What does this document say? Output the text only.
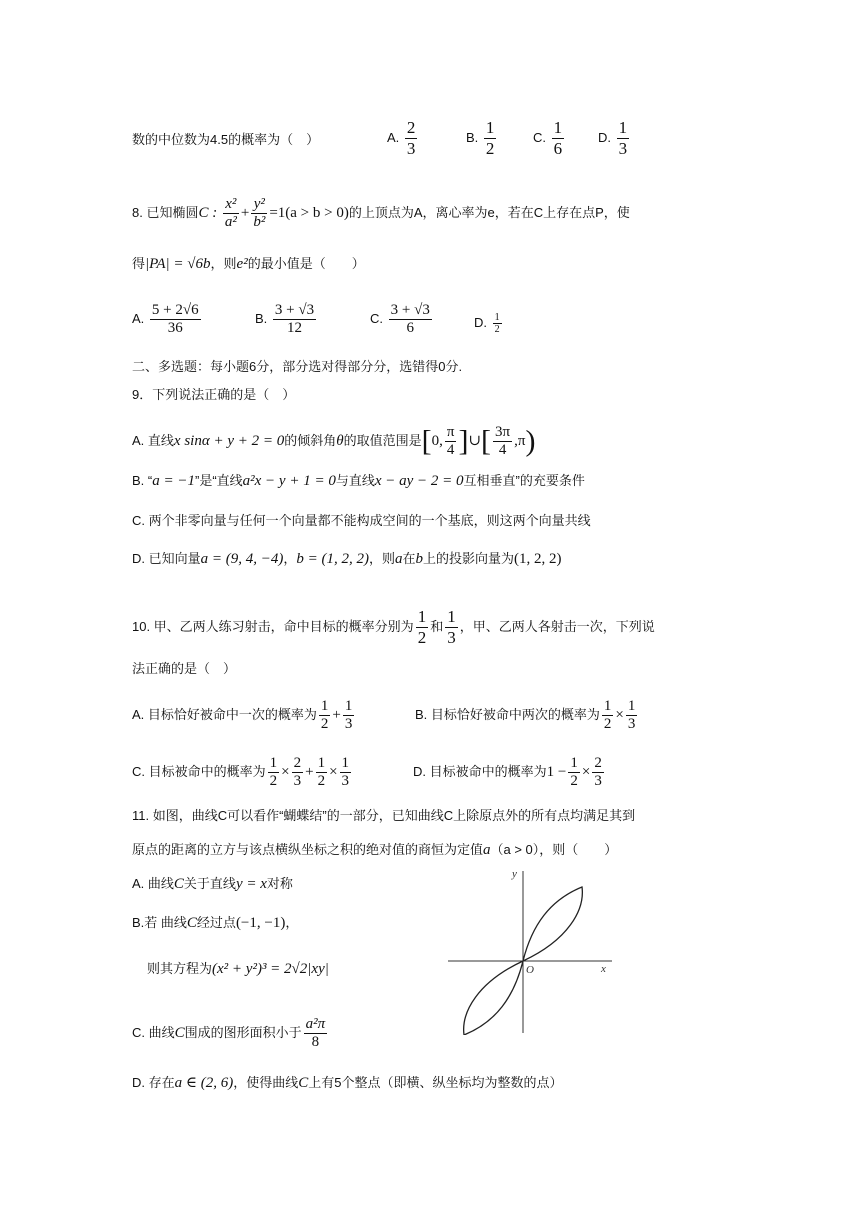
数的中位数为4.5的概率为（　）	A. $\frac{2}{3}$	B. $\frac{1}{2}$	C. $\frac{1}{6}$	D. $\frac{1}{3}$
8. 已知椭圆C : $\frac{\text{x²}}{\text{a²}} + \frac{\text{y²}}{\text{b²}} =1(a > b > 0)$的上顶点为A，离心率为e，若在C上存在点P，使
得|PA| = √6b，则e²的最小值是（　　）
A. $\frac{5 + 2√6}{36}$	B. $\frac{3 + √3}{12}$	C. $\frac{3 + √3}{6}$	D. $\frac{1}{2}$
二、多选题：每小题6分，部分选对得部分分，选错得0分.
9．下列说法正确的是（　）
A. 直线x sinα + y + 2 = 0的倾斜角θ的取值范围是[0, $\frac{\pi}{4}$ ]∪[ $\frac{3\pi}{4} ,\pi$)
B. “a = −1”是“直线a²x − y + 1 = 0与直线x − ay − 2 = 0互相垂直”的充要条件
C. 两个非零向量与任何一个向量都不能构成空间的一个基底，则这两个向量共线
D. 已知向量a = (9, 4, −4)，b = (1, 2, 2)，则a在b上的投影向量为(1, 2, 2)
10. 甲、乙两人练习射击，命中目标的概率分别为 $\frac{1}{2}$ 和 $\frac{1}{3}$ ，甲、乙两人各射击一次，下列说
法正确的是（　）
A. 目标恰好被命中一次的概率为 $\frac{1}{2} + \frac{1}{3}$	B. 目标恰好被命中两次的概率为 $\frac{1}{2} \times \frac{1}{3}$
C. 目标被命中的概率为 $\frac{1}{2} \times \frac{2}{3} + \frac{1}{2} \times \frac{1}{3}$	D. 目标被命中的概率为$1 - \frac{1}{2} \times \frac{2}{3}$
11. 如图，曲线C可以看作“蝴蝶结”的一部分，已知曲线C上除原点外的所有点均满足其到
原点的距离的立方与该点横纵坐标之积的绝对值的商恒为定值a（a > 0），则（　　）
A. 曲线C关于直线y = x对称
B.若 曲线C经过点(−1, −1)，
则其方程为(x² + y²)³ = 2√2|xy|
C. 曲线C围成的图形面积小于 $\frac{\text{a²π}}{8}$
D. 存在a ∈ (2, 6)，使得曲线C上有5个整点（即横、纵坐标均为整数的点）
x
y
O
